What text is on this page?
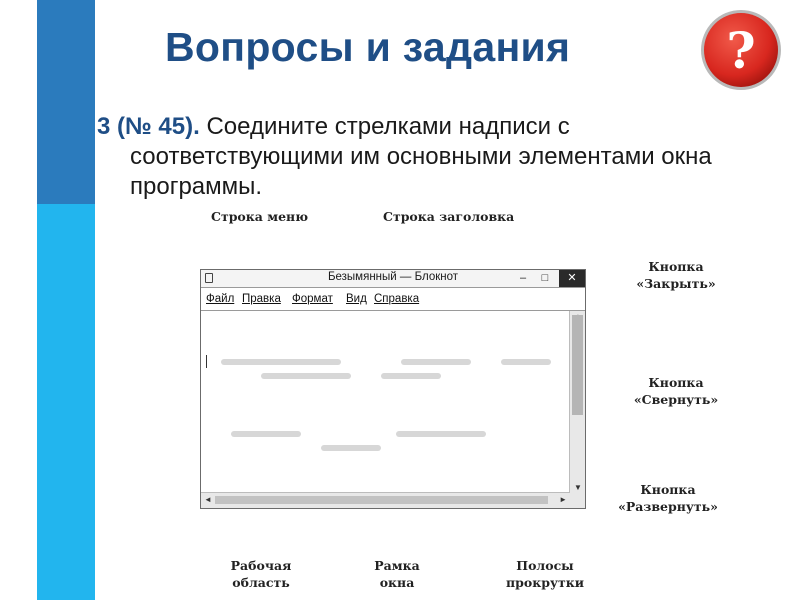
Вопросы и задания	?
3 (№ 45). Соедините стрелками надписи с
соответствующими им основными элементами окна
программы.
Строка меню	Строка заголовка
Кнопка
«Закрыть»
Кнопка
«Свернуть»
Кнопка
«Развернуть»
Рабочая
область
Рамка
окна
Полосы
прокрутки
Безымянный — Блокнот	–	□	✕
Файл Правка Формат Вид Справка
▼
◄	►
